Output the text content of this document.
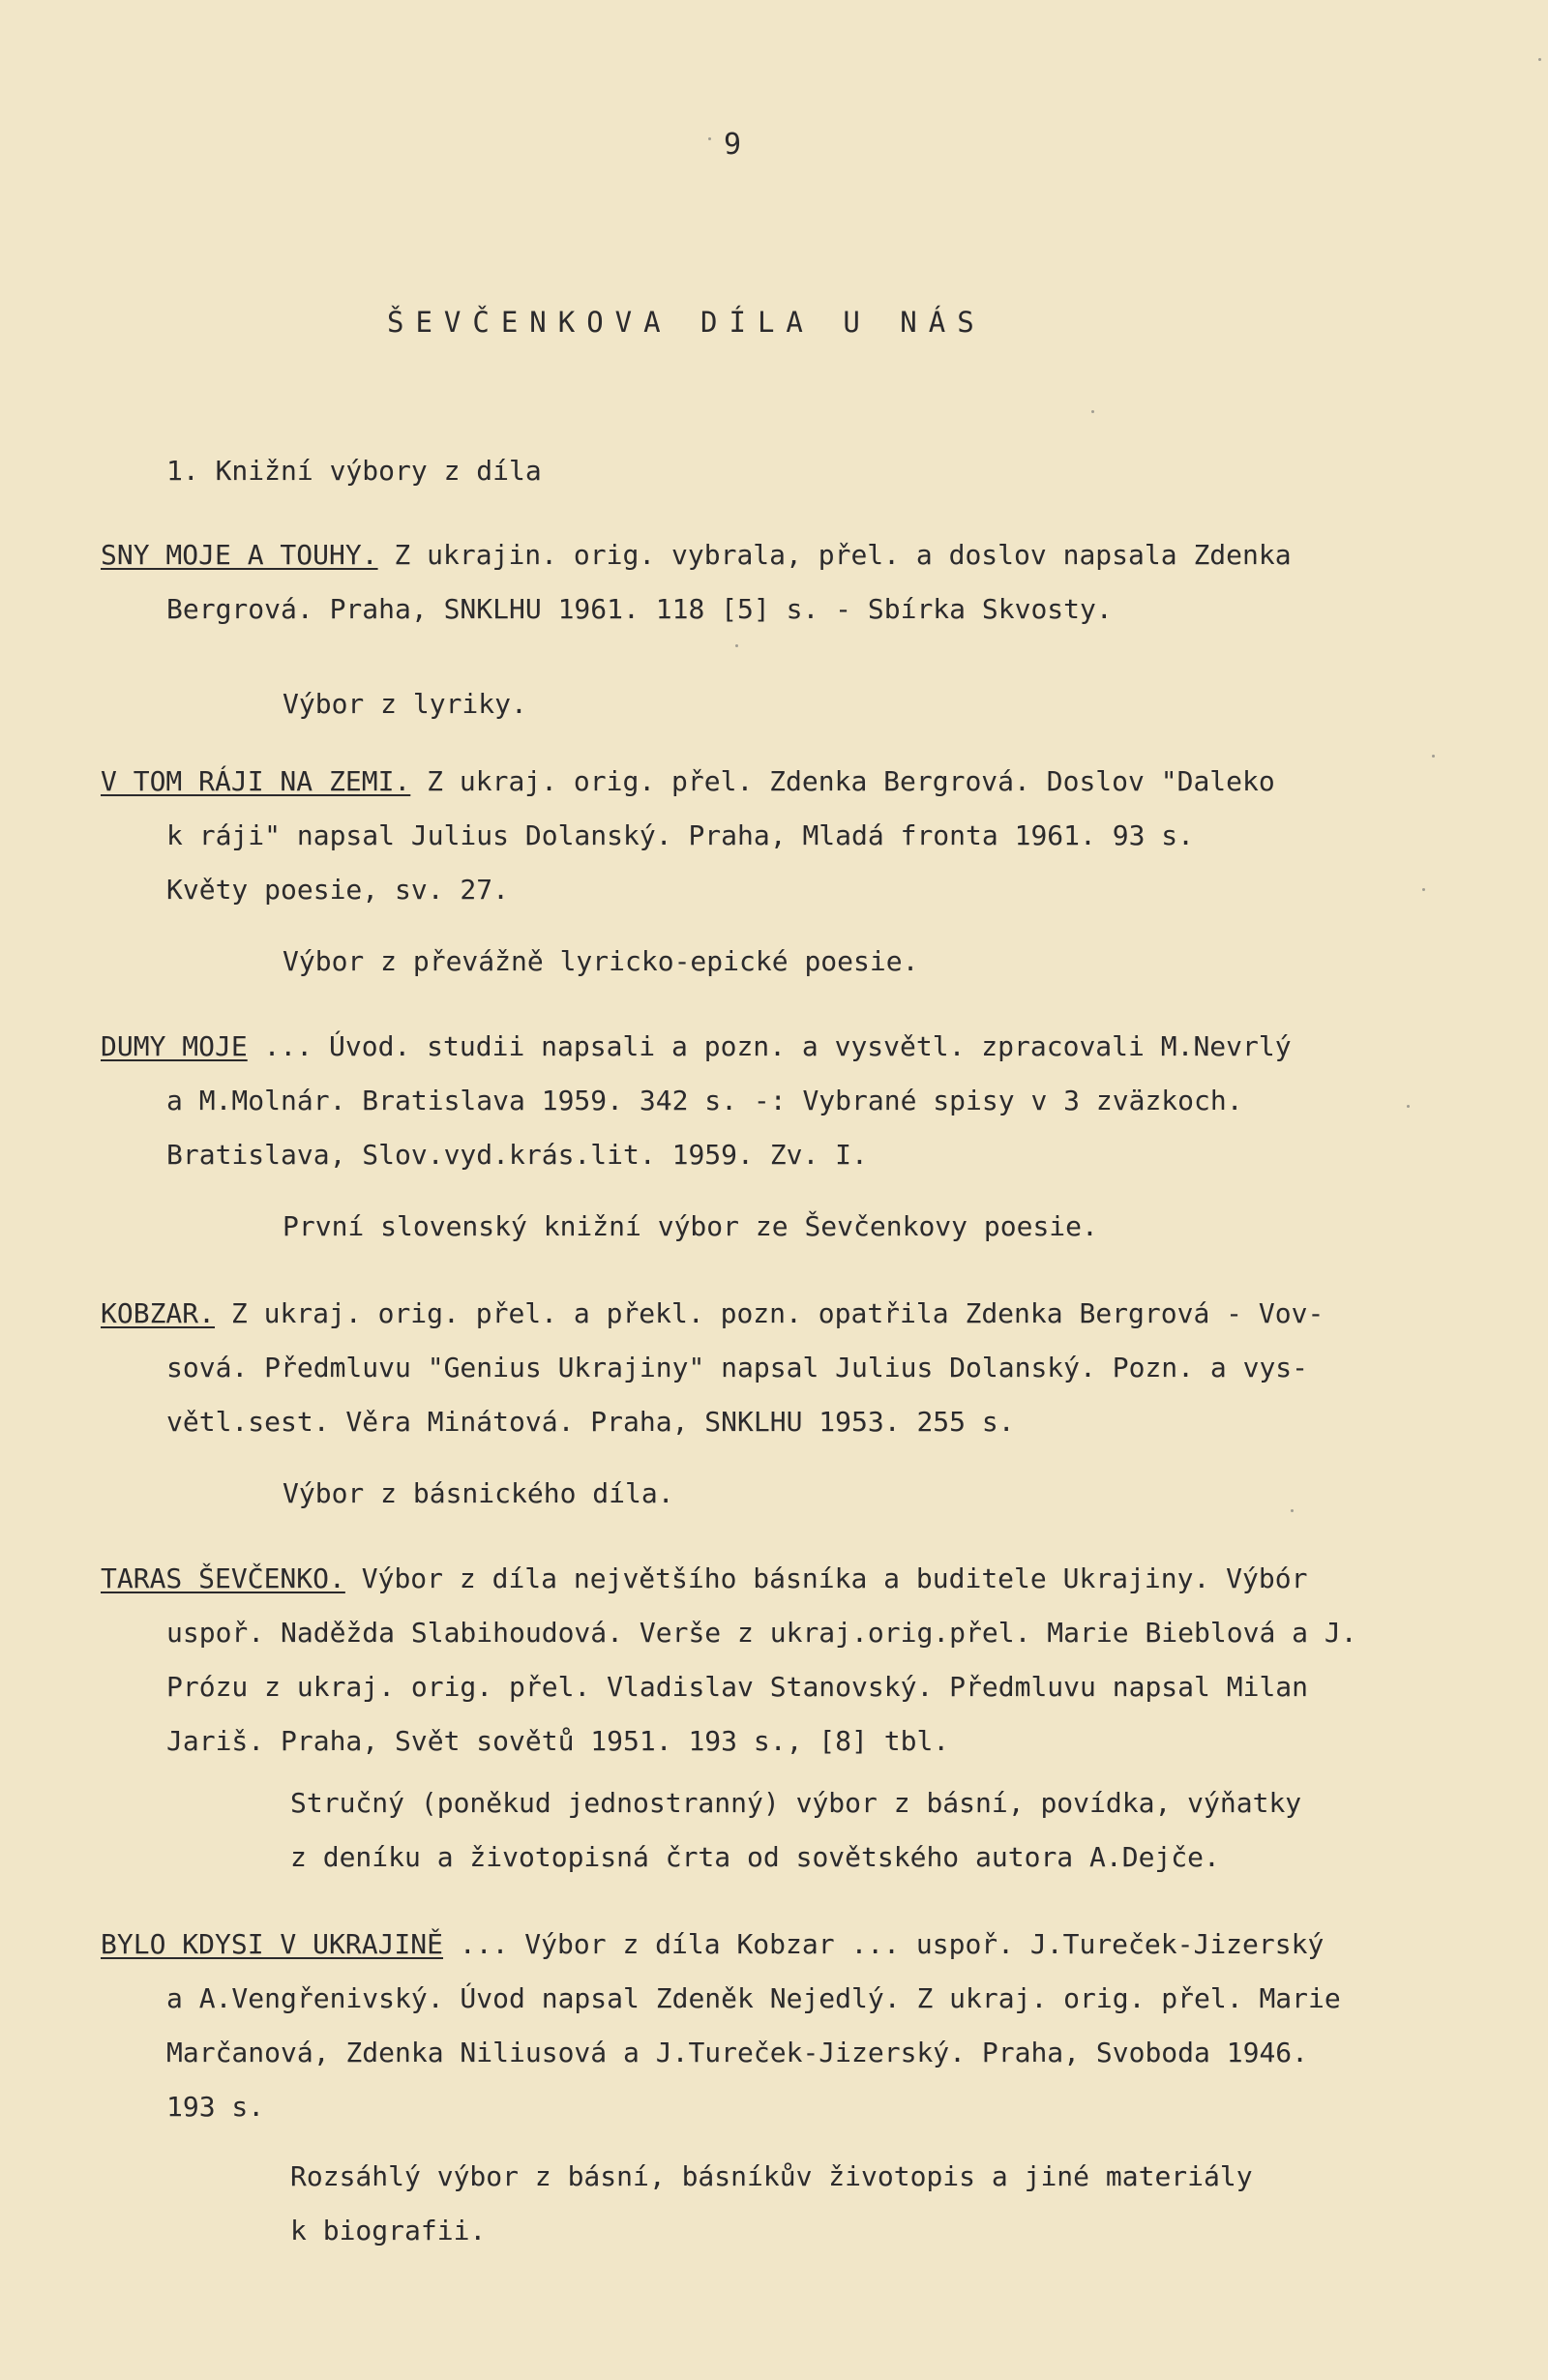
9
ŠEVČENKOVA DÍLA U NÁS
1. Knižní výbory z díla
SNY MOJE A TOUHY. Z ukrajin. orig. vybrala, přel. a doslov napsala Zdenka
Bergrová. Praha, SNKLHU 1961. 118 [5] s. - Sbírka Skvosty.
Výbor z lyriky.
V TOM RÁJI NA ZEMI. Z ukraj. orig. přel. Zdenka Bergrová. Doslov "Daleko
k ráji" napsal Julius Dolanský. Praha, Mladá fronta 1961. 93 s.
Květy poesie, sv. 27.
Výbor z převážně lyricko-epické poesie.
DUMY MOJE ... Úvod. studii napsali a pozn. a vysvětl. zpracovali M.Nevrlý
a M.Molnár. Bratislava 1959. 342 s. -: Vybrané spisy v 3 zväzkoch.
Bratislava, Slov.vyd.krás.lit. 1959. Zv. I.
První slovenský knižní výbor ze Ševčenkovy poesie.
KOBZAR. Z ukraj. orig. přel. a překl. pozn. opatřila Zdenka Bergrová - Vov-
sová. Předmluvu "Genius Ukrajiny" napsal Julius Dolanský. Pozn. a vys-
větl.sest. Věra Minátová. Praha, SNKLHU 1953. 255 s.
Výbor z básnického díla.
TARAS ŠEVČENKO. Výbor z díla největšího básníka a buditele Ukrajiny. Výbór
uspoř. Naděžda Slabihoudová. Verše z ukraj.orig.přel. Marie Bieblová a J.
Prózu z ukraj. orig. přel. Vladislav Stanovský. Předmluvu napsal Milan
Jariš. Praha, Svět sovětů 1951. 193 s., [8] tbl.
Stručný (poněkud jednostranný) výbor z básní, povídka, výňatky
z deníku a životopisná črta od sovětského autora A.Dejče.
BYLO KDYSI V UKRAJINĚ ... Výbor z díla Kobzar ... uspoř. J.Tureček-Jizerský
a A.Vengřenivský. Úvod napsal Zdeněk Nejedlý. Z ukraj. orig. přel. Marie
Marčanová, Zdenka Niliusová a J.Tureček-Jizerský. Praha, Svoboda 1946.
193 s.
Rozsáhlý výbor z básní, básníkův životopis a jiné materiály
k biografii.
